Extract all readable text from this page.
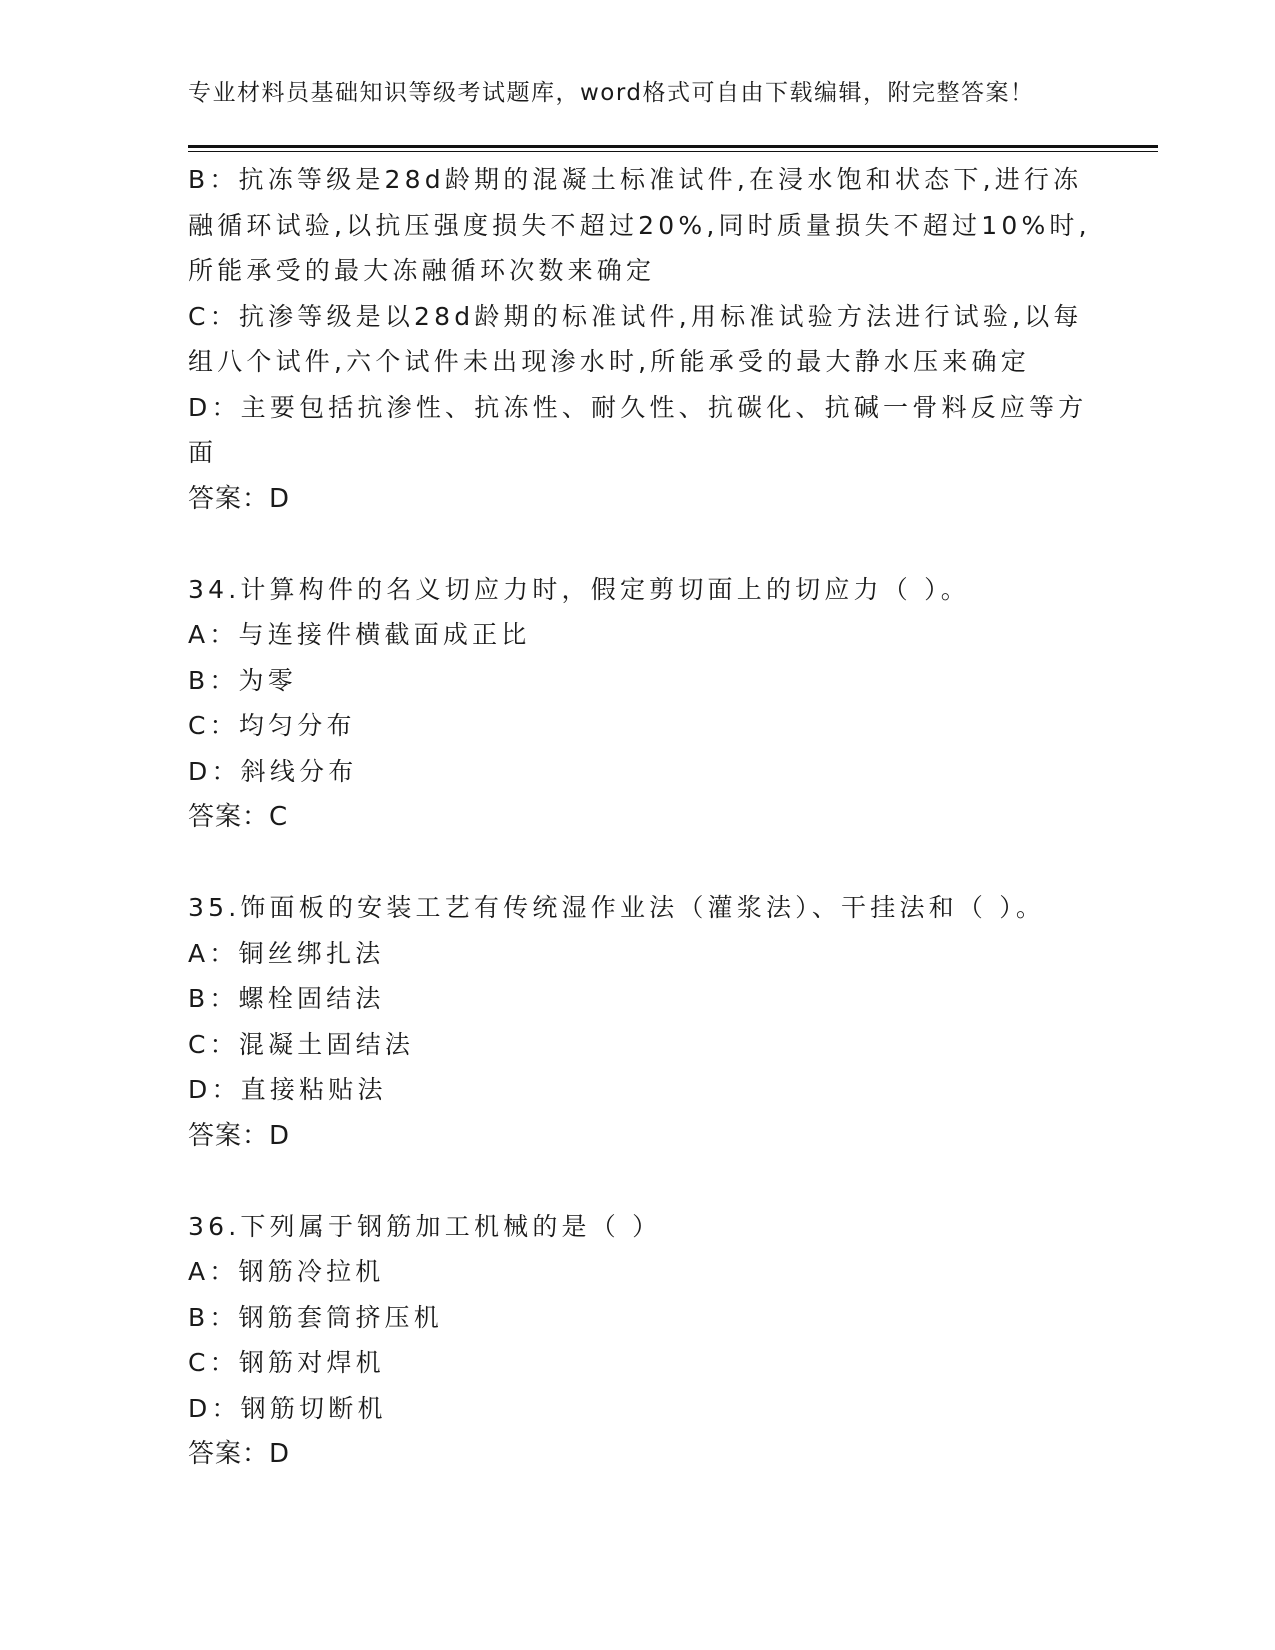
专业材料员基础知识等级考试题库，word格式可自由下载编辑，附完整答案！
B：抗冻等级是28d龄期的混凝土标准试件,在浸水饱和状态下,进行冻
融循环试验,以抗压强度损失不超过20%,同时质量损失不超过10%时,
所能承受的最大冻融循环次数来确定
C：抗渗等级是以28d龄期的标准试件,用标准试验方法进行试验,以每
组八个试件,六个试件未出现渗水时,所能承受的最大静水压来确定
D：主要包括抗渗性、抗冻性、耐久性、抗碳化、抗碱一骨料反应等方
面
答案：D
34.计算构件的名义切应力时，假定剪切面上的切应力（ ）。
A：与连接件横截面成正比
B：为零
C：均匀分布
D：斜线分布
答案：C
35.饰面板的安装工艺有传统湿作业法（灌浆法）、干挂法和（ ）。
A：铜丝绑扎法
B：螺栓固结法
C：混凝土固结法
D：直接粘贴法
答案：D
36.下列属于钢筋加工机械的是（ ）
A：钢筋冷拉机
B：钢筋套筒挤压机
C：钢筋对焊机
D：钢筋切断机
答案：D
